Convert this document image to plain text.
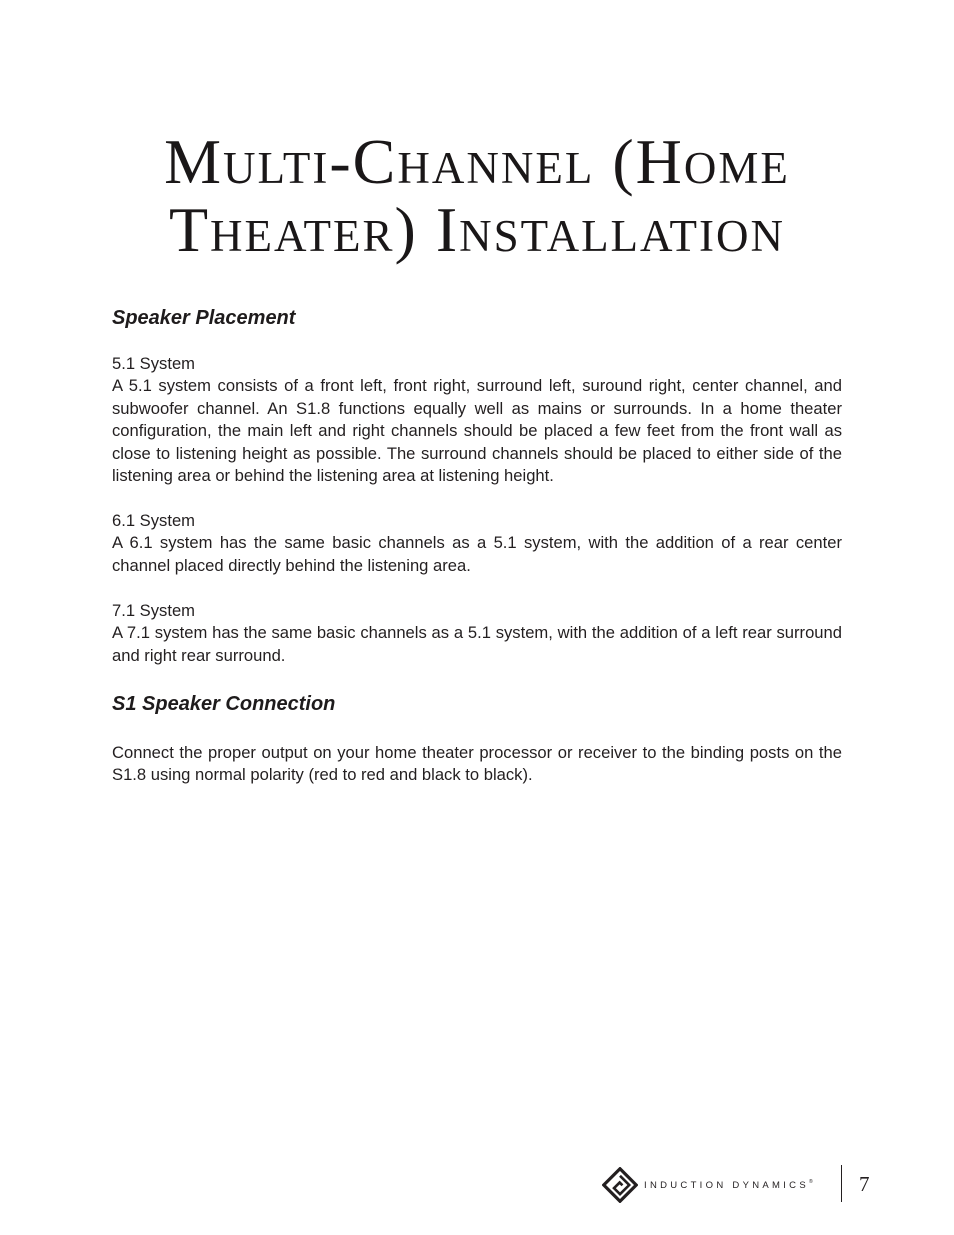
Multi-Channel (Home
Theater) Installation
Speaker Placement

5.1 System
A 5.1 system consists of a front left, front right, surround left, suround right, center channel, and subwoofer channel. An S1.8 functions equally well as mains or surrounds. In a home theater configuration, the main left and right channels should be placed a few feet from the front wall as close to listening height as possible. The surround channels should be placed to either side of the listening area or behind the listening area at listening height.

6.1 System
A 6.1 system has the same basic channels as a 5.1 system, with the addition of a rear center channel placed directly behind the listening area.

7.1 System
A 7.1 system has the same basic channels as a 5.1 system, with the addition of a left rear surround and right rear surround.

S1 Speaker Connection

Connect the proper output on your home theater processor or receiver to the binding posts on the S1.8 using normal polarity (red to red and black to black).

INDUCTION DYNAMICS® 7
